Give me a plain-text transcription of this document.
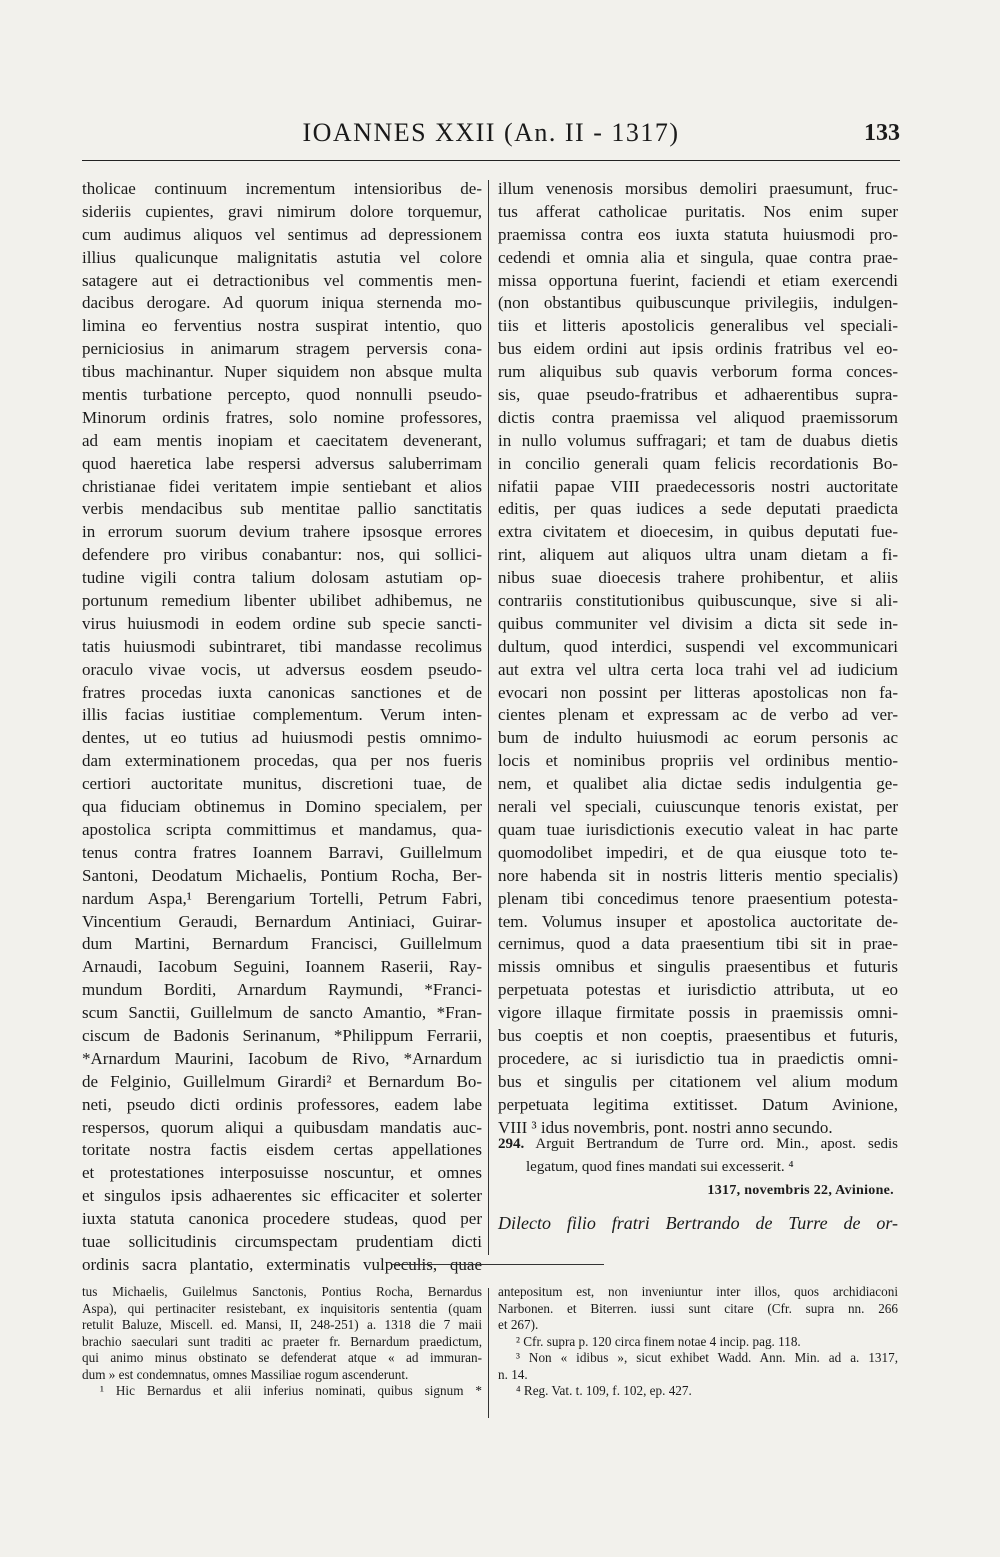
IOANNES XXII (An. II - 1317)	133
tholicae continuum incrementum intensioribus de-
sideriis cupientes, gravi nimirum dolore torquemur,
cum audimus aliquos vel sentimus ad depressionem
illius qualicunque malignitatis astutia vel colore
satagere aut ei detractionibus vel commentis men-
dacibus derogare. Ad quorum iniqua sternenda mo-
limina eo ferventius nostra suspirat intentio, quo
perniciosius in animarum stragem perversis cona-
tibus machinantur. Nuper siquidem non absque multa
mentis turbatione percepto, quod nonnulli pseudo-
Minorum ordinis fratres, solo nomine professores,
ad eam mentis inopiam et caecitatem devenerant,
quod haeretica labe respersi adversus saluberrimam
christianae fidei veritatem impie sentiebant et alios
verbis mendacibus sub mentitae pallio sanctitatis
in errorum suorum devium trahere ipsosque errores
defendere pro viribus conabantur: nos, qui sollici-
tudine vigili contra talium dolosam astutiam op-
portunum remedium libenter ubilibet adhibemus, ne
virus huiusmodi in eodem ordine sub specie sancti-
tatis huiusmodi subintraret, tibi mandasse recolimus
oraculo vivae vocis, ut adversus eosdem pseudo-
fratres procedas iuxta canonicas sanctiones et de
illis facias iustitiae complementum. Verum inten-
dentes, ut eo tutius ad huiusmodi pestis omnimo-
dam exterminationem procedas, qua per nos fueris
certiori auctoritate munitus, discretioni tuae, de
qua fiduciam obtinemus in Domino specialem, per
apostolica scripta committimus et mandamus, qua-
tenus contra fratres Ioannem Barravi, Guillelmum
Santoni, Deodatum Michaelis, Pontium Rocha, Ber-
nardum Aspa,¹ Berengarium Tortelli, Petrum Fabri,
Vincentium Geraudi, Bernardum Antiniaci, Guirar-
dum Martini, Bernardum Francisci, Guillelmum
Arnaudi, Iacobum Seguini, Ioannem Raserii, Ray-
mundum Borditi, Arnardum Raymundi, *Franci-
scum Sanctii, Guillelmum de sancto Amantio, *Fran-
ciscum de Badonis Serinanum, *Philippum Ferrarii,
*Arnardum Maurini, Iacobum de Rivo, *Arnardum
de Felginio, Guillelmum Girardi² et Bernardum Bo-
neti, pseudo dicti ordinis professores, eadem labe
respersos, quorum aliqui a quibusdam mandatis auc-
toritate nostra factis eisdem certas appellationes
et protestationes interposuisse noscuntur, et omnes
et singulos ipsis adhaerentes sic efficaciter et solerter
iuxta statuta canonica procedere studeas, quod per
tuae sollicitudinis circumspectam prudentiam dicti
ordinis sacra plantatio, exterminatis vulpeculis, quae
illum venenosis morsibus demoliri praesumunt, fruc-
tus afferat catholicae puritatis. Nos enim super
praemissa contra eos iuxta statuta huiusmodi pro-
cedendi et omnia alia et singula, quae contra prae-
missa opportuna fuerint, faciendi et etiam exercendi
(non obstantibus quibuscunque privilegiis, indulgen-
tiis et litteris apostolicis generalibus vel speciali-
bus eidem ordini aut ipsis ordinis fratribus vel eo-
rum aliquibus sub quavis verborum forma conces-
sis, quae pseudo-fratribus et adhaerentibus supra-
dictis contra praemissa vel aliquod praemissorum
in nullo volumus suffragari; et tam de duabus dietis
in concilio generali quam felicis recordationis Bo-
nifatii papae VIII praedecessoris nostri auctoritate
editis, per quas iudices a sede deputati praedicta
extra civitatem et dioecesim, in quibus deputati fue-
rint, aliquem aut aliquos ultra unam dietam a fi-
nibus suae dioecesis trahere prohibentur, et aliis
contrariis constitutionibus quibuscunque, sive si ali-
quibus communiter vel divisim a dicta sit sede in-
dultum, quod interdici, suspendi vel excommunicari
aut extra vel ultra certa loca trahi vel ad iudicium
evocari non possint per litteras apostolicas non fa-
cientes plenam et expressam ac de verbo ad ver-
bum de indulto huiusmodi ac eorum personis ac
locis et nominibus propriis vel ordinibus mentio-
nem, et qualibet alia dictae sedis indulgentia ge-
nerali vel speciali, cuiuscunque tenoris existat, per
quam tuae iurisdictionis executio valeat in hac parte
quomodolibet impediri, et de qua eiusque toto te-
nore habenda sit in nostris litteris mentio specialis)
plenam tibi concedimus tenore praesentium potesta-
tem. Volumus insuper et apostolica auctoritate de-
cernimus, quod a data praesentium tibi sit in prae-
missis omnibus et singulis praesentibus et futuris
perpetuata potestas et iurisdictio attributa, ut eo
vigore illaque firmitate possis in praemissis omni-
bus coeptis et non coeptis, praesentibus et futuris,
procedere, ac si iurisdictio tua in praedictis omni-
bus et singulis per citationem vel alium modum
perpetuata legitima extitisset. Datum Avinione,
VIII ³ idus novembris, pont. nostri anno secundo.
294. Arguit Bertrandum de Turre ord. Min., apost. sedis
legatum, quod fines mandati sui excesserit. ⁴
1317, novembris 22, Avinione.
Dilecto filio fratri Bertrando de Turre de or-
tus Michaelis, Guilelmus Sanctonis, Pontius Rocha, Bernardus
Aspa), qui pertinaciter resistebant, ex inquisitoris sententia (quam
retulit Baluze, Miscell. ed. Mansi, II, 248-251) a. 1318 die 7 maii
brachio saeculari sunt traditi ac praeter fr. Bernardum praedictum,
qui animo minus obstinato se defenderat atque « ad immuran-
dum » est condemnatus, omnes Massiliae rogum ascenderunt.
¹ Hic Bernardus et alii inferius nominati, quibus signum *
antepositum est, non inveniuntur inter illos, quos archidiaconi
Narbonen. et Biterren. iussi sunt citare (Cfr. supra nn. 266
et 267).
² Cfr. supra p. 120 circa finem notae 4 incip. pag. 118.
³ Non « idibus », sicut exhibet Wadd. Ann. Min. ad a. 1317,
n. 14.
⁴ Reg. Vat. t. 109, f. 102, ep. 427.
